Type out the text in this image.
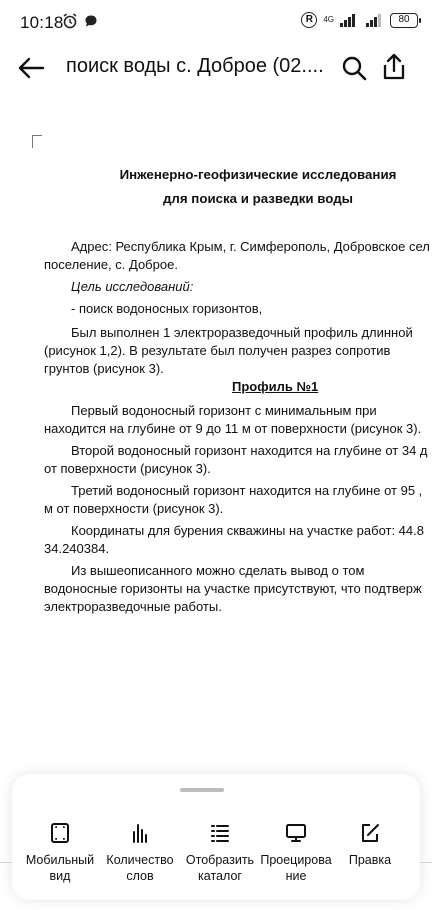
10:18	R	4G	80
поиск воды с. Доброе (02....
Инженерно-геофизические исследования
для поиска и разведки воды
Адрес: Республика Крым, г. Симферополь, Добровское сел
поселение, с. Доброе.
Цель исследований:
- поиск водоносных горизонтов,
Был выполнен 1 электроразведочный профиль длинной
(рисунок 1,2). В результате был получен разрез сопротив
грунтов (рисунок 3).
Профиль №1
Первый водоносный горизонт с минимальным при
находится на глубине от 9 до 11 м от поверхности (рисунок 3).
Второй водоносный горизонт находится на глубине от 34 д
от поверхности (рисунок 3).
Третий водоносный горизонт находится на глубине от 95 ,
м от поверхности (рисунок 3).
Координаты для бурения скважины на участке работ: 44.8
34.240384.
Из вышеописанного можно сделать вывод о том
водоносные горизонты на участке присутствуют, что подтверж
электроразведочные работы.
Мобильный
вид
Количество
слов
Отобразить
каталог
Проецирова
ние
Правка
